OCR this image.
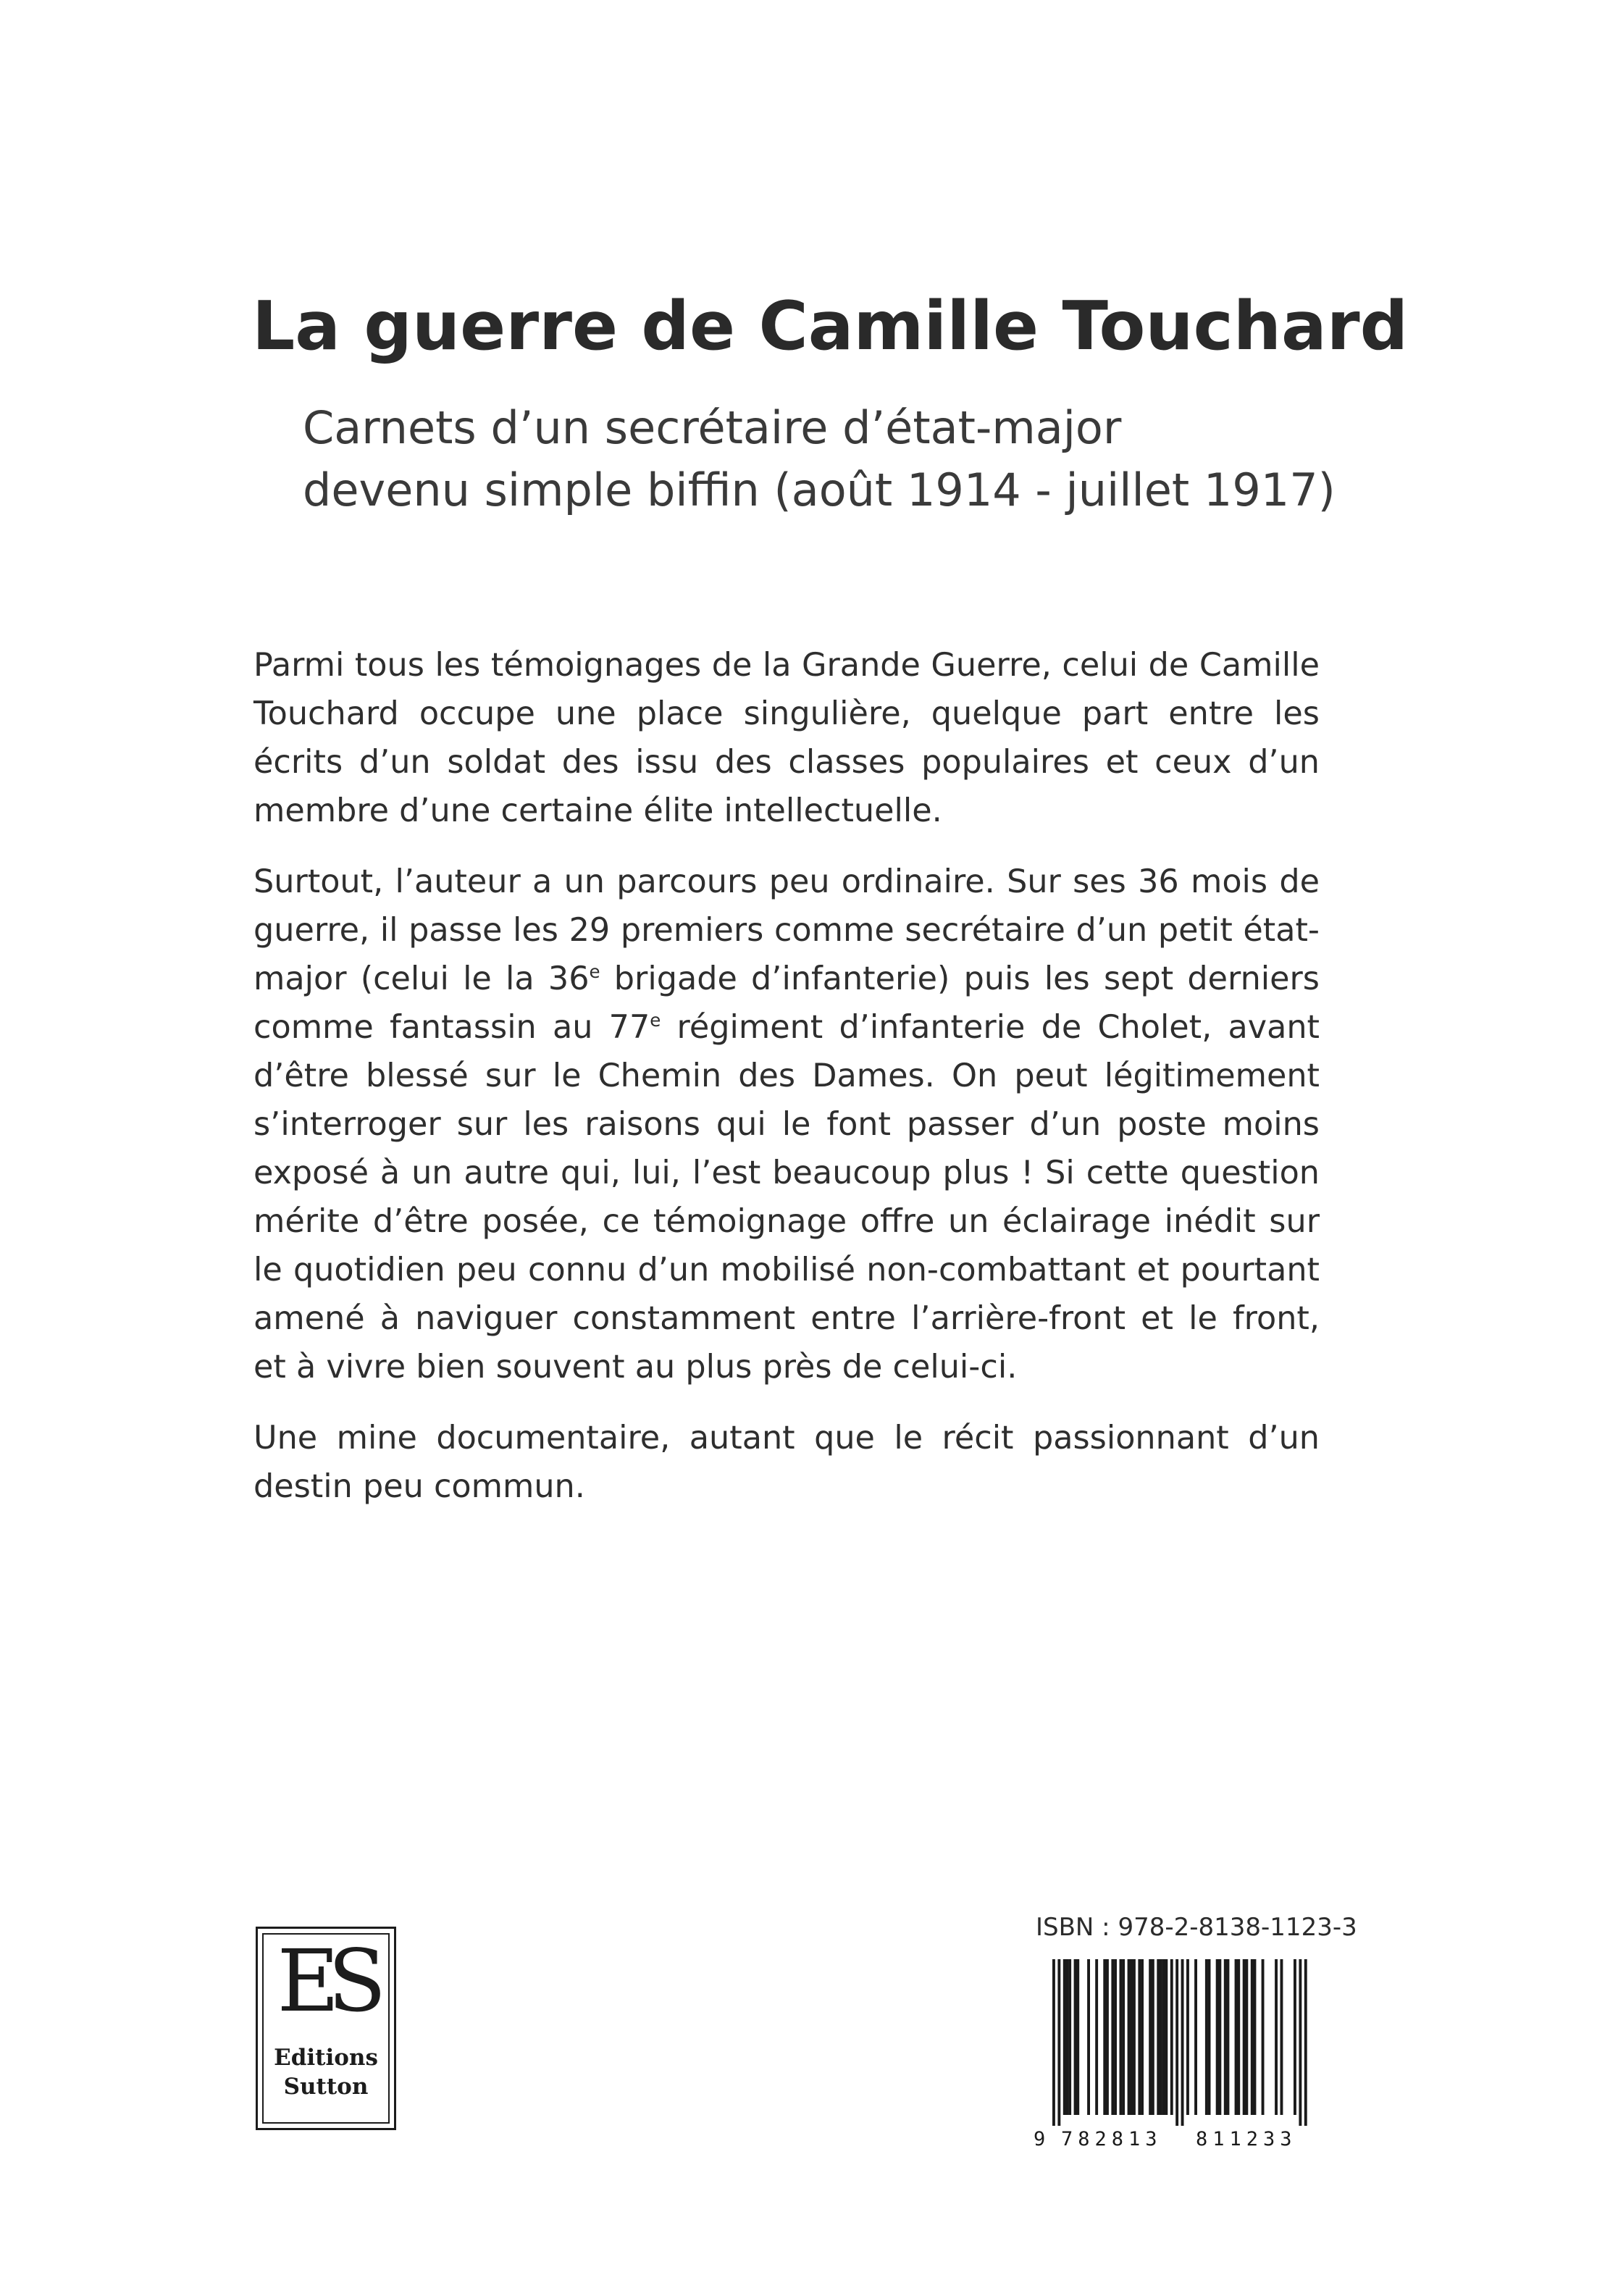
La guerre de Camille Touchard
Carnets d’un secrétaire d’état-major
devenu simple biffin (août 1914 - juillet 1917)

Parmi tous les témoignages de la Grande Guerre, celui de Camille Touchard occupe une place singulière, quelque part entre les écrits d’un soldat des issu des classes populaires et ceux d’un membre d’une certaine élite intellectuelle.

Surtout, l’auteur a un parcours peu ordinaire. Sur ses 36 mois de guerre, il passe les 29 premiers comme secrétaire d’un petit état-major (celui le la 36e brigade d’infanterie) puis les sept derniers comme fantassin au 77e régiment d’infanterie de Cholet, avant d’être blessé sur le Chemin des Dames. On peut légitimement s’interroger sur les raisons qui le font passer d’un poste moins exposé à un autre qui, lui, l’est beaucoup plus ! Si cette question mérite d’être posée, ce témoignage offre un éclairage inédit sur le quotidien peu connu d’un mobilisé non-combattant et pourtant amené à naviguer constamment entre l’arrière-front et le front, et à vivre bien souvent au plus près de celui-ci.

Une mine documentaire, autant que le récit passionnant d’un destin peu commun.

ES
Editions
Sutton
ISBN : 978-2-8138-1123-3
9 782813 811233
